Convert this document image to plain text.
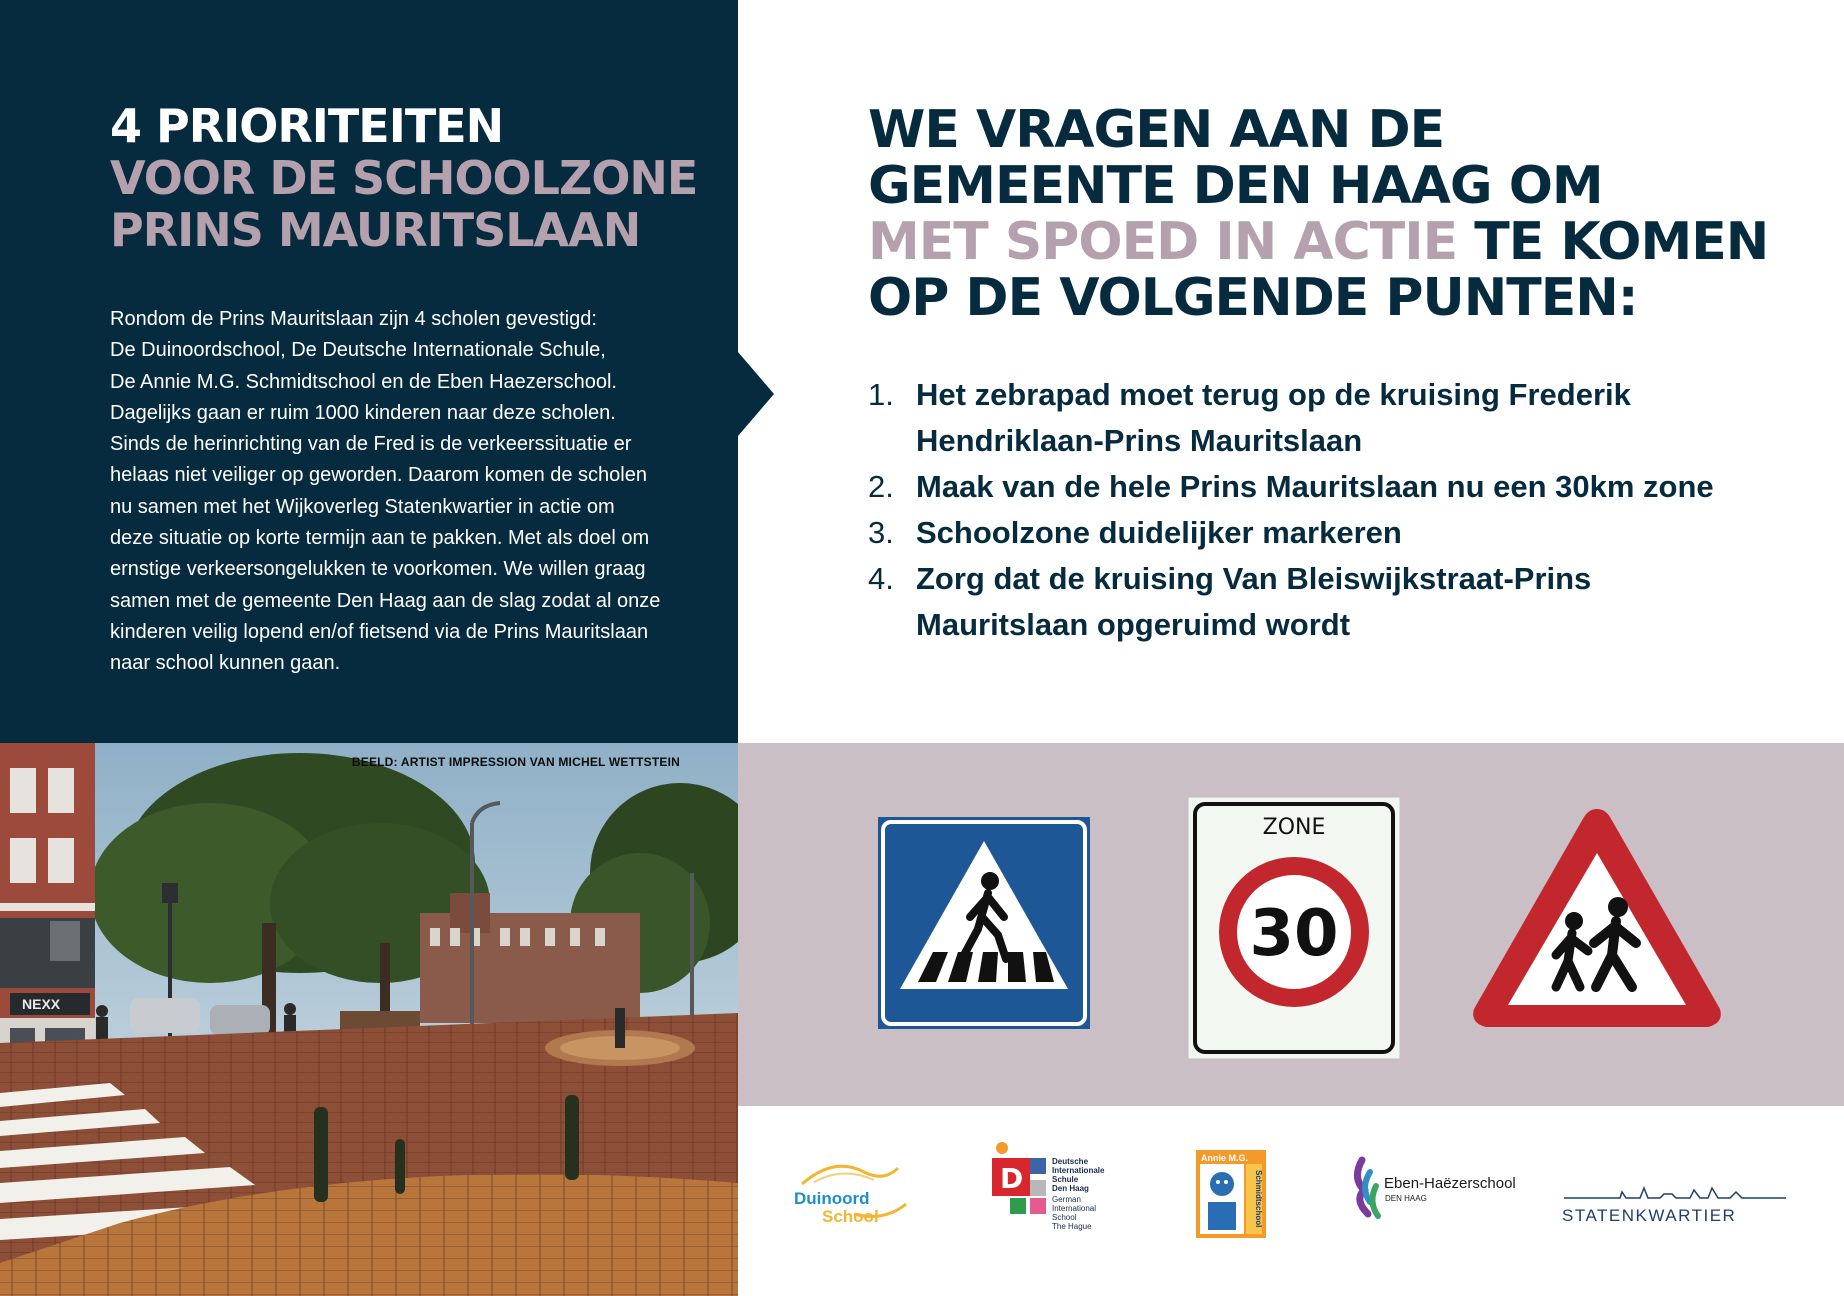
4 PRIORITEITEN
VOOR DE SCHOOLZONE
PRINS MAURITSLAAN

Rondom de Prins Mauritslaan zijn 4 scholen gevestigd:
De Duinoordschool, De Deutsche Internationale Schule,
De Annie M.G. Schmidtschool en de Eben Haezerschool.
Dagelijks gaan er ruim 1000 kinderen naar deze scholen.
Sinds de herinrichting van de Fred is de verkeerssituatie er
helaas niet veiliger op geworden. Daarom komen de scholen
nu samen met het Wijkoverleg Statenkwartier in actie om
deze situatie op korte termijn aan te pakken. Met als doel om
ernstige verkeersongelukken te voorkomen. We willen graag
samen met de gemeente Den Haag aan de slag zodat al onze
kinderen veilig lopend en/of fietsend via de Prins Mauritslaan
naar school kunnen gaan.

WE VRAGEN AAN DE
GEMEENTE DEN HAAG OM
MET SPOED IN ACTIE TE KOMEN
OP DE VOLGENDE PUNTEN:
1. Het zebrapad moet terug op de kruising Frederik
Hendriklaan-Prins Mauritslaan
2. Maak van de hele Prins Mauritslaan nu een 30km zone
3. Schoolzone duidelijker markeren
4. Zorg dat de kruising Van Bleiswijkstraat-Prins
Mauritslaan opgeruimd wordt
NEXX
BEELD: ARTIST IMPRESSION VAN MICHEL WETTSTEIN
ZONE
30
Duinoord
School
D
Deutsche
Internationale
Schule
Den Haag
German
International
School
The Hague
Annie M.G.
Schmidtschool	Eben-Haëzerschool
DEN HAAG
STATENKWARTIER
